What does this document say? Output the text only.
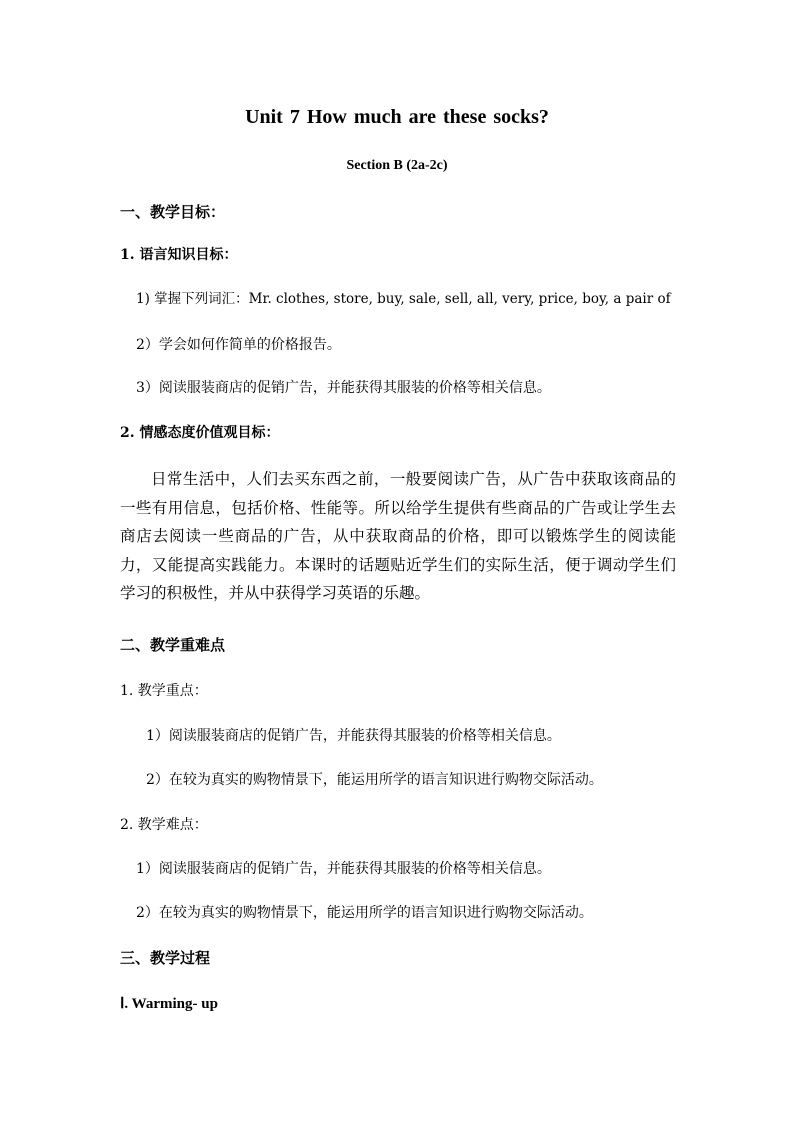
Unit 7 How much are these socks?
Section B (2a-2c)
一、教学目标：
1. 语言知识目标：
1) 掌握下列词汇：Mr. clothes, store, buy, sale, sell, all, very, price, boy, a pair of
2）学会如何作简单的价格报告。
3）阅读服装商店的促销广告，并能获得其服装的价格等相关信息。
2. 情感态度价值观目标：
日常生活中，人们去买东西之前，一般要阅读广告，从广告中获取该商品的一些有用信息，包括价格、性能等。所以给学生提供有些商品的广告或让学生去商店去阅读一些商品的广告，从中获取商品的价格，即可以锻炼学生的阅读能力，又能提高实践能力。本课时的话题贴近学生们的实际生活，便于调动学生们学习的积极性，并从中获得学习英语的乐趣。
二、教学重难点
1. 教学重点：
1）阅读服装商店的促销广告，并能获得其服装的价格等相关信息。
2）在较为真实的购物情景下，能运用所学的语言知识进行购物交际活动。
2. 教学难点：
1）阅读服装商店的促销广告，并能获得其服装的价格等相关信息。
2）在较为真实的购物情景下，能运用所学的语言知识进行购物交际活动。
三、教学过程
Ⅰ. Warming- up
